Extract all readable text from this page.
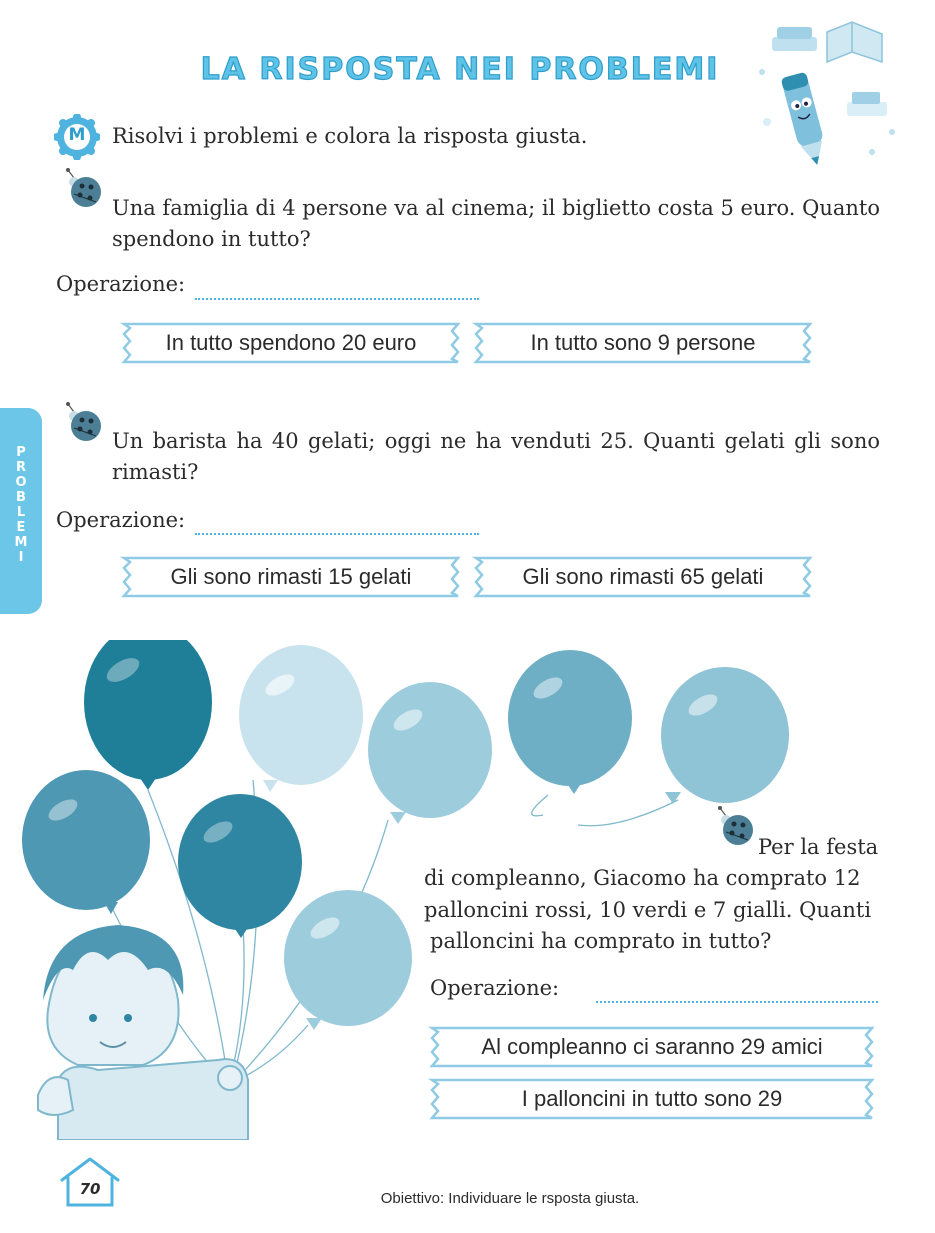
LA RISPOSTA NEI PROBLEMI
PROBLEMI
M	Risolvi i problemi e colora la risposta giusta.
Una famiglia di 4 persone va al cinema; il biglietto costa 5 euro. Quanto spendono in tutto?
Operazione:
In tutto spendono 20 euro	In tutto sono 9 persone
Un barista ha 40 gelati; oggi ne ha venduti 25. Quanti gelati gli sono rimasti?
Operazione:
Gli sono rimasti 15 gelati	Gli sono rimasti 65 gelati
Per la festa
di compleanno, Giacomo ha comprato 12
palloncini rossi, 10 verdi e 7 gialli. Quanti
palloncini ha comprato in tutto?
Operazione:
Al compleanno ci saranno 29 amici
I palloncini in tutto sono 29
70
Obiettivo: Individuare le rsposta giusta.
